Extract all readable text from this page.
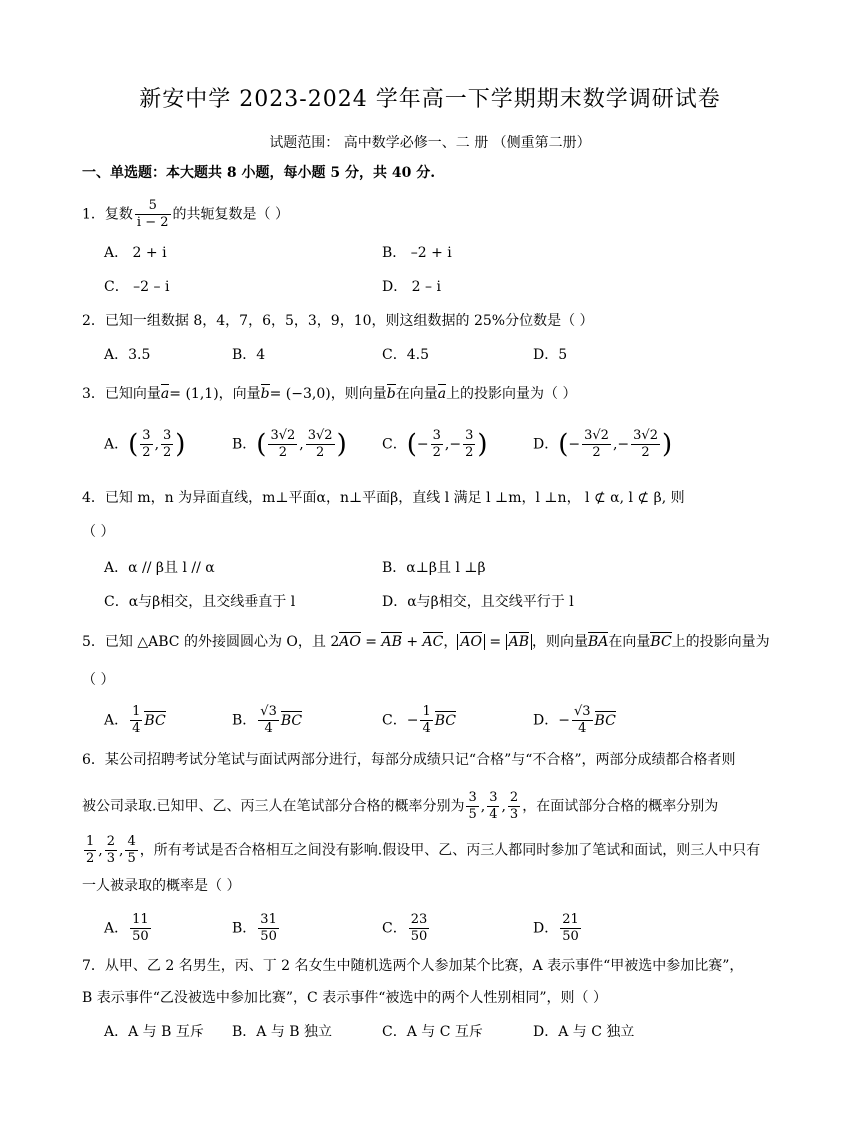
新安中学 2023-2024 学年高一下学期期末数学调研试卷
试题范围： 高中数学必修一、二 册 （侧重第二册）
一、单选题：本大题共 8 小题，每小题 5 分，共 40 分.
1．复数 $\frac{5}{i - 2}$ 的共轭复数是（ ）
A． 2 + i	B． –2 + i
C． –2 – i	D． 2 – i
2．已知一组数据 8，4，7，6，5，3，9，10，则这组数据的 25%分位数是（ ）
A．3.5	B．4	C．4.5	D．5
3．已知向量a= (1,1)，向量b= (−3,0)，则向量b在向量a上的投影向量为（ ）
A．( $\frac{3}{2}$ , $\frac{3}{2}$ )	B．( $\frac{3√2}{2}$ , $\frac{3√2}{2}$ )	C．(− $\frac{3}{2}$ ,− $\frac{3}{2}$ )	D．(− $\frac{3√2}{2}$ ,− $\frac{3√2}{2}$ )
4．已知 m，n 为异面直线，m⊥平面α，n⊥平面β，直线 l 满足 l ⊥m，l ⊥n， l ⊄ α, l ⊄ β, 则
（ ）
A．α // β且 l // α	B．α⊥β且 l ⊥β
C．α与β相交，且交线垂直于 l	D．α与β相交，且交线平行于 l
5．已知 △ABC 的外接圆圆心为 O，且 2AO = AB + AC， AO = AB ，则向量BA在向量BC上的投影向量为
（ ）
A． $\frac{1}{4}$ BC	B． $\frac{√3}{4}$ BC	C．− $\frac{1}{4}$ BC	D．− $\frac{√3}{4}$ BC
6．某公司招聘考试分笔试与面试两部分进行，每部分成绩只记“合格”与“不合格”，两部分成绩都合格者则
被公司录取.已知甲、乙、丙三人在笔试部分合格的概率分别为 $\frac{3}{5}$ , $\frac{3}{4}$ , $\frac{2}{3}$ ，在面试部分合格的概率分别为
$\frac{1}{2}$ , $\frac{2}{3}$ , $\frac{4}{5}$ ，所有考试是否合格相互之间没有影响.假设甲、乙、丙三人都同时参加了笔试和面试，则三人中只有
一人被录取的概率是（ ）
A． $\frac{11}{50}$	B． $\frac{31}{50}$	C． $\frac{23}{50}$	D． $\frac{21}{50}$
7．从甲、乙 2 名男生，丙、丁 2 名女生中随机选两个人参加某个比赛，A 表示事件“甲被选中参加比赛”，
B 表示事件“乙没被选中参加比赛”，C 表示事件“被选中的两个人性别相同”，则（ ）
A．A 与 B 互斥 B．A 与 B 独立	C．A 与 C 互斥	D．A 与 C 独立
